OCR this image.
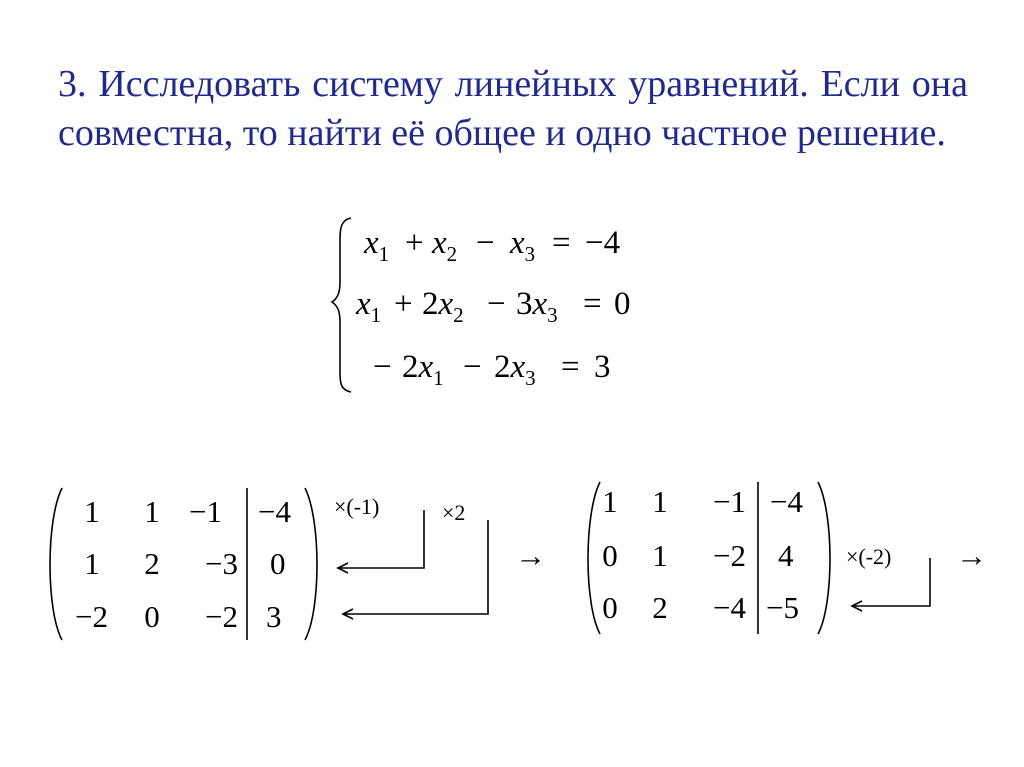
3. Исследовать систему линейных уравнений. Если она совместна, то найти её общее и одно частное решение.

$x_1 + x_2 - x_3 = -4$
$x_1 + 2x_2 - 3x_3 = 0$
− $2x_1 - 2x_3 = 3$
1 1 −1 −4
1 2 −3 0
−2 0 −2 3
×(-1)	×2
→
1 1 −1 −4
0 1 −2 4
0 2 −4 −5
×(-2) →
